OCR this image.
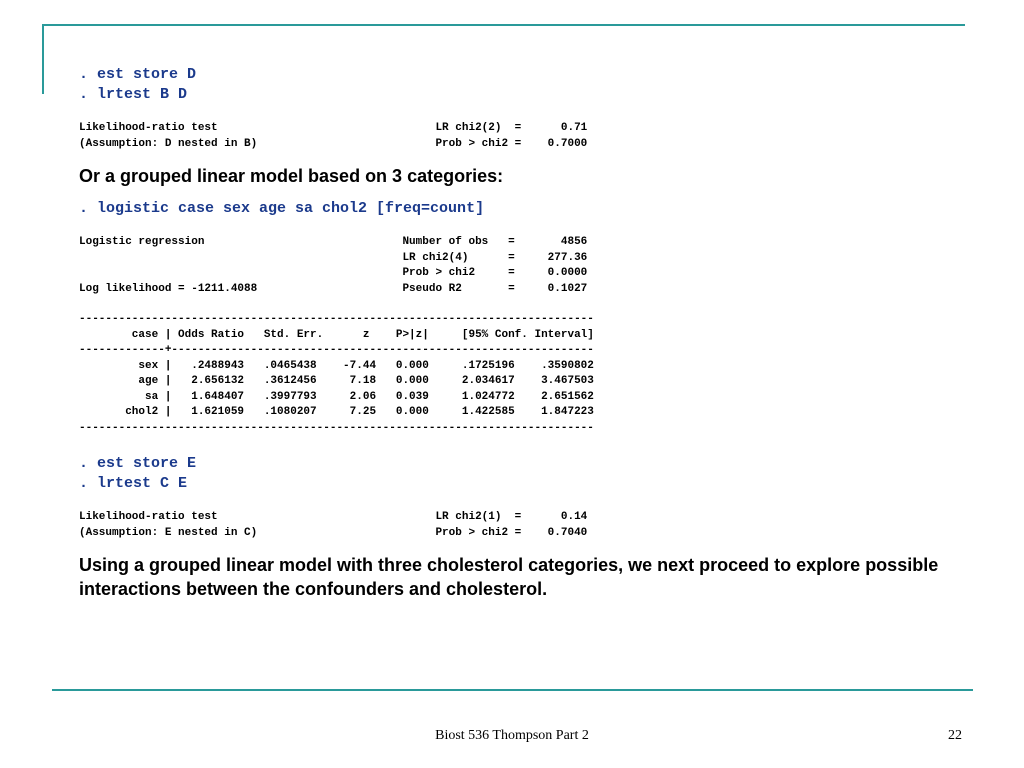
. est store D

. lrtest B D

Likelihood-ratio test                                 LR chi2(2)  =      0.71

(Assumption: D nested in B)                           Prob > chi2 =    0.7000

Or a grouped linear model based on 3 categories:

. logistic case sex age sa chol2 [freq=count]

Logistic regression                              Number of obs   =       4856

LR chi2(4)      =     277.36

Prob > chi2     =     0.0000

Log likelihood = -1211.4088                      Pseudo R2       =     0.1027

------------------------------------------------------------------------------

case | Odds Ratio   Std. Err.      z    P>|z|     [95% Conf. Interval]

-------------+----------------------------------------------------------------

sex |   .2488943   .0465438    -7.44   0.000     .1725196    .3590802

age |   2.656132   .3612456     7.18   0.000     2.034617    3.467503

sa |   1.648407   .3997793     2.06   0.039     1.024772    2.651562

chol2 |   1.621059   .1080207     7.25   0.000     1.422585    1.847223

------------------------------------------------------------------------------

. est store E

. lrtest C E

Likelihood-ratio test                                 LR chi2(1)  =      0.14

(Assumption: E nested in C)                           Prob > chi2 =    0.7040

Using a grouped linear model with three cholesterol categories, we next proceed to explore possible interactions between the confounders and cholesterol.

Biost 536 Thompson Part 2	22
